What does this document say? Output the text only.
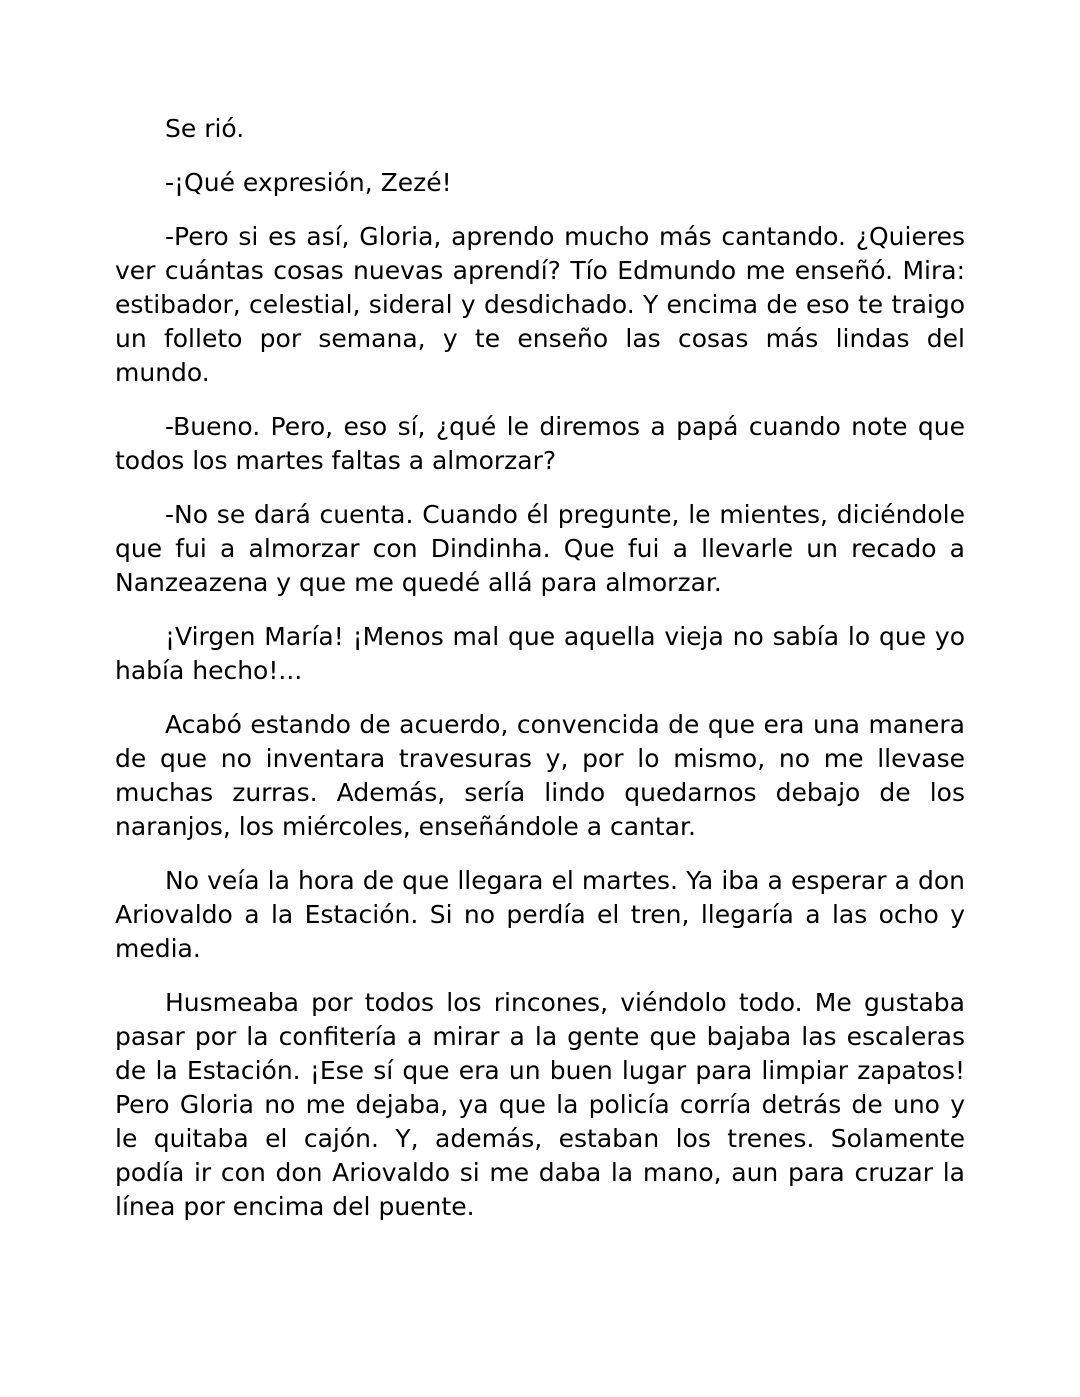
Se rió.

-¡Qué expresión, Zezé!

-Pero si es así, Gloria, aprendo mucho más cantando. ¿Quieres ver cuántas cosas nuevas aprendí? Tío Edmundo me enseñó. Mira: estibador, celestial, sideral y desdichado. Y encima de eso te traigo un folleto por semana, y te enseño las cosas más lindas del mundo.

-Bueno. Pero, eso sí, ¿qué le diremos a papá cuando note que todos los martes faltas a almorzar?

-No se dará cuenta. Cuando él pregunte, le mientes, diciéndole que fui a almorzar con Dindinha. Que fui a llevarle un recado a Nanzeazena y que me quedé allá para almorzar.

¡Virgen María! ¡Menos mal que aquella vieja no sabía lo que yo había hecho!...

Acabó estando de acuerdo, convencida de que era una manera de que no inventara travesuras y, por lo mismo, no me llevase muchas zurras. Además, sería lindo quedarnos debajo de los naranjos, los miércoles, enseñándole a cantar.

No veía la hora de que llegara el martes. Ya iba a esperar a don Ariovaldo a la Estación. Si no perdía el tren, llegaría a las ocho y media.

Husmeaba por todos los rincones, viéndolo todo. Me gustaba pasar por la confitería a mirar a la gente que bajaba las escaleras de la Estación. ¡Ese sí que era un buen lugar para limpiar zapatos! Pero Gloria no me dejaba, ya que la policía corría detrás de uno y le quitaba el cajón. Y, además, estaban los trenes. Solamente podía ir con don Ariovaldo si me daba la mano, aun para cruzar la línea por encima del puente.
